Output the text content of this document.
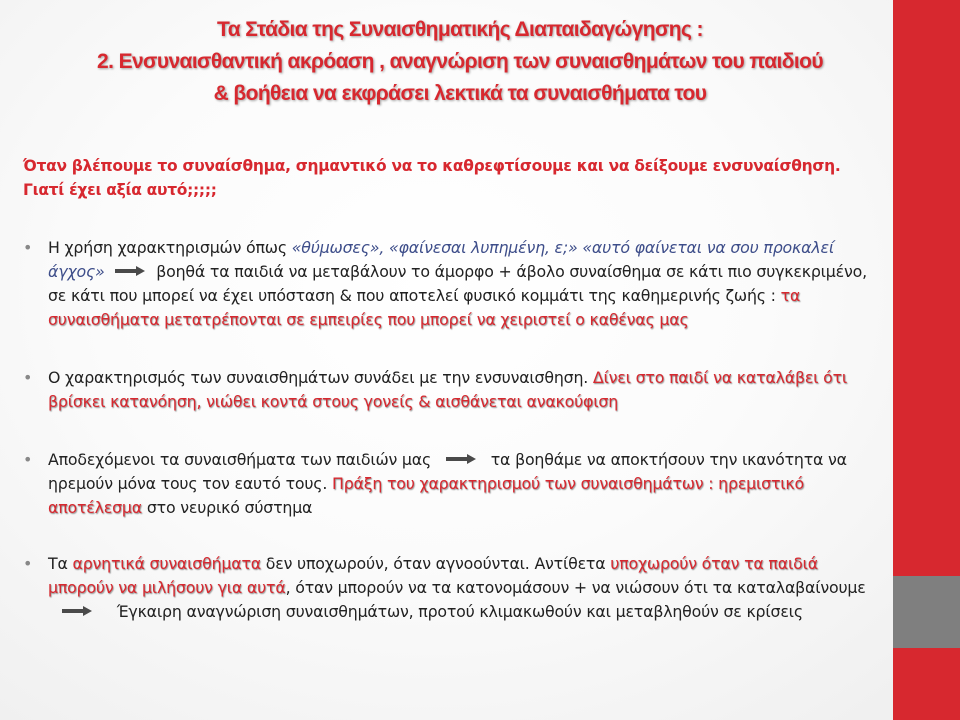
Τα Στάδια της Συναισθηματικής Διαπαιδαγώγησης :
2. Ενσυναισθαντική ακρόαση , αναγνώριση των συναισθημάτων του παιδιού
& βοήθεια να εκφράσει λεκτικά τα συναισθήματα του
Όταν βλέπουμε το συναίσθημα, σημαντικό να το καθρεφτίσουμε και να δείξουμε ενσυναίσθηση. Γιατί έχει αξία αυτό;;;;;
• Η χρήση χαρακτηρισμών όπως «θύμωσες», «φαίνεσαι λυπημένη, ε;» «αυτό φαίνεται να σου προκαλεί άγχος»	βοηθά τα παιδιά να μεταβάλουν το άμορφο + άβολο συναίσθημα σε κάτι πιο συγκεκριμένο, σε κάτι που μπορεί να έχει υπόσταση & που αποτελεί φυσικό κομμάτι της καθημερινής ζωής : τα συναισθήματα μετατρέπονται σε εμπειρίες που μπορεί να χειριστεί ο καθένας μας
• Ο χαρακτηρισμός των συναισθημάτων συνάδει με την ενσυναισθηση. Δίνει στο παιδί να καταλάβει ότι βρίσκει κατανόηση, νιώθει κοντά στους γονείς & αισθάνεται ανακούφιση
• Αποδεχόμενοι τα συναισθήματα των παιδιών μας	τα βοηθάμε να αποκτήσουν την ικανότητα να ηρεμούν μόνα τους τον εαυτό τους. Πράξη του χαρακτηρισμού των συναισθημάτων : ηρεμιστικό αποτέλεσμα στο νευρικό σύστημα
• Τα αρνητικά συναισθήματα δεν υποχωρούν, όταν αγνοούνται. Αντίθετα υποχωρούν όταν τα παιδιά μπορούν να μιλήσουν για αυτά, όταν μπορούν να τα κατονομάσουν + να νιώσουν ότι τα καταλαβαίνουμε
Έγκαιρη αναγνώριση συναισθημάτων, προτού κλιμακωθούν και μεταβληθούν σε κρίσεις
